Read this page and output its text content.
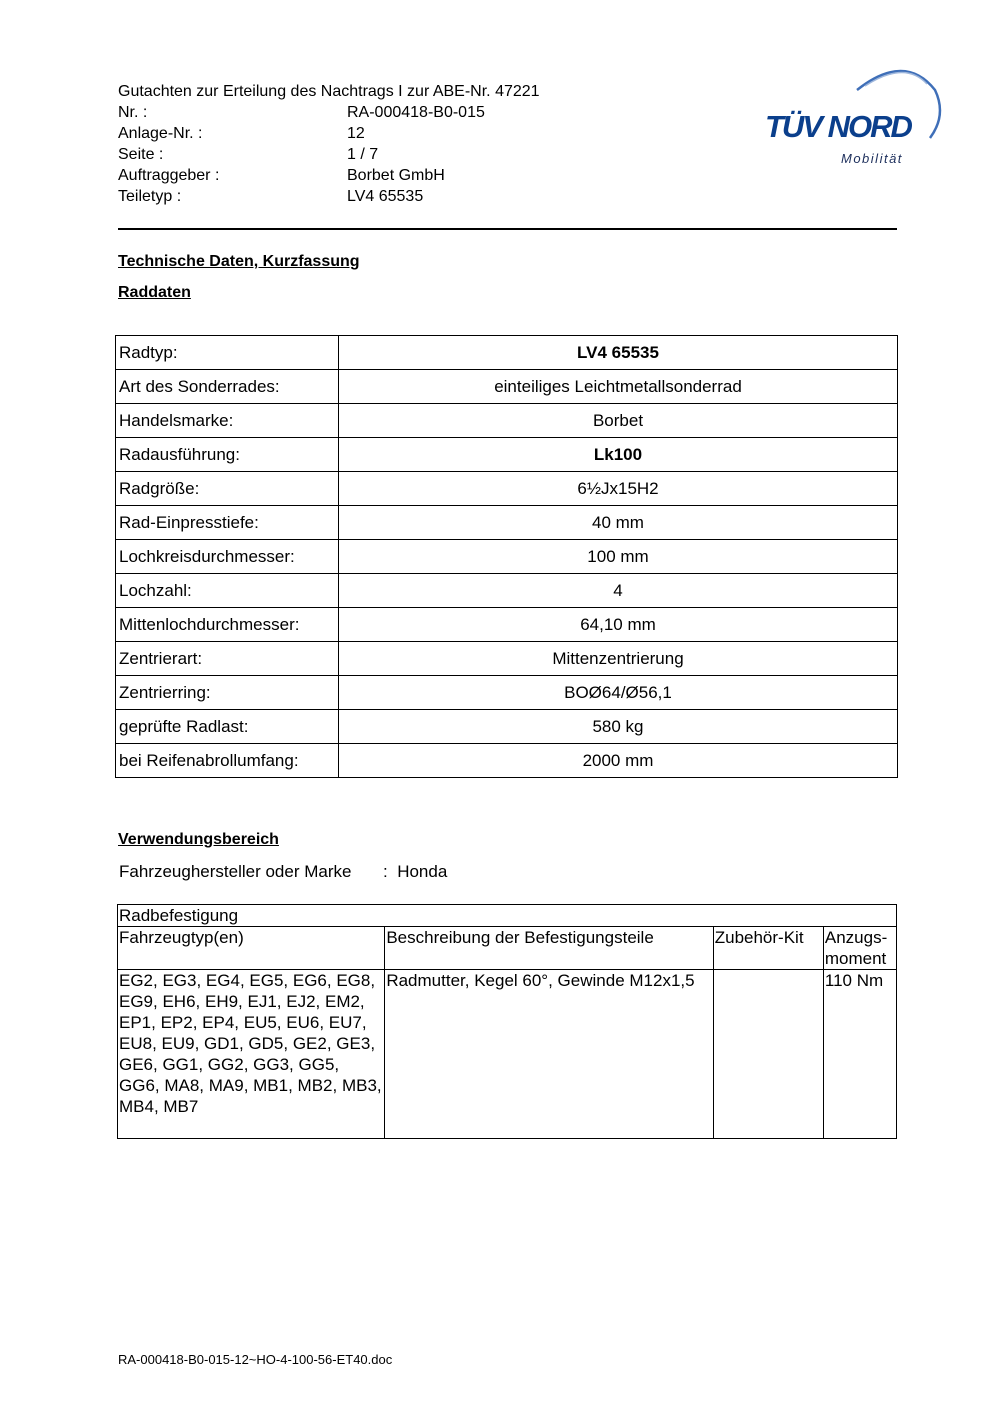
Gutachten zur Erteilung des Nachtrags I zur ABE-Nr. 47221
Nr. :	RA-000418-B0-015
Anlage-Nr. :	12
Seite :	1 / 7
Auftraggeber :	Borbet GmbH
Teiletyp :	LV4 65535
TÜV NORD
Mobilität
Technische Daten, Kurzfassung
Raddaten
Radtyp:	LV4 65535
Art des Sonderrades:	einteiliges Leichtmetallsonderrad
Handelsmarke:	Borbet
Radausführung:	Lk100
Radgröße:	6½Jx15H2
Rad-Einpresstiefe:	40 mm
Lochkreisdurchmesser:	100 mm
Lochzahl:	4
Mittenlochdurchmesser:	64,10 mm
Zentrierart:	Mittenzentrierung
Zentrierring:	BOØ64/Ø56,1
geprüfte Radlast:	580 kg
bei Reifenabrollumfang:	2000 mm
Verwendungsbereich
Fahrzeughersteller oder Marke : Honda
Radbefestigung			
Fahrzeugtyp(en)	Beschreibung der Befestigungsteile	Zubehör-Kit	Anzugs-
moment
EG2, EG3, EG4, EG5, EG6, EG8, EG9, EH6, EH9, EJ1, EJ2, EM2, EP1, EP2, EP4, EU5, EU6, EU7, EU8, EU9, GD1, GD5, GE2, GE3, GE6, GG1, GG2, GG3, GG5, GG6, MA8, MA9, MB1, MB2, MB3, MB4, MB7	Radmutter, Kegel 60°, Gewinde M12x1,5		110 Nm
RA-000418-B0-015-12~HO-4-100-56-ET40.doc
